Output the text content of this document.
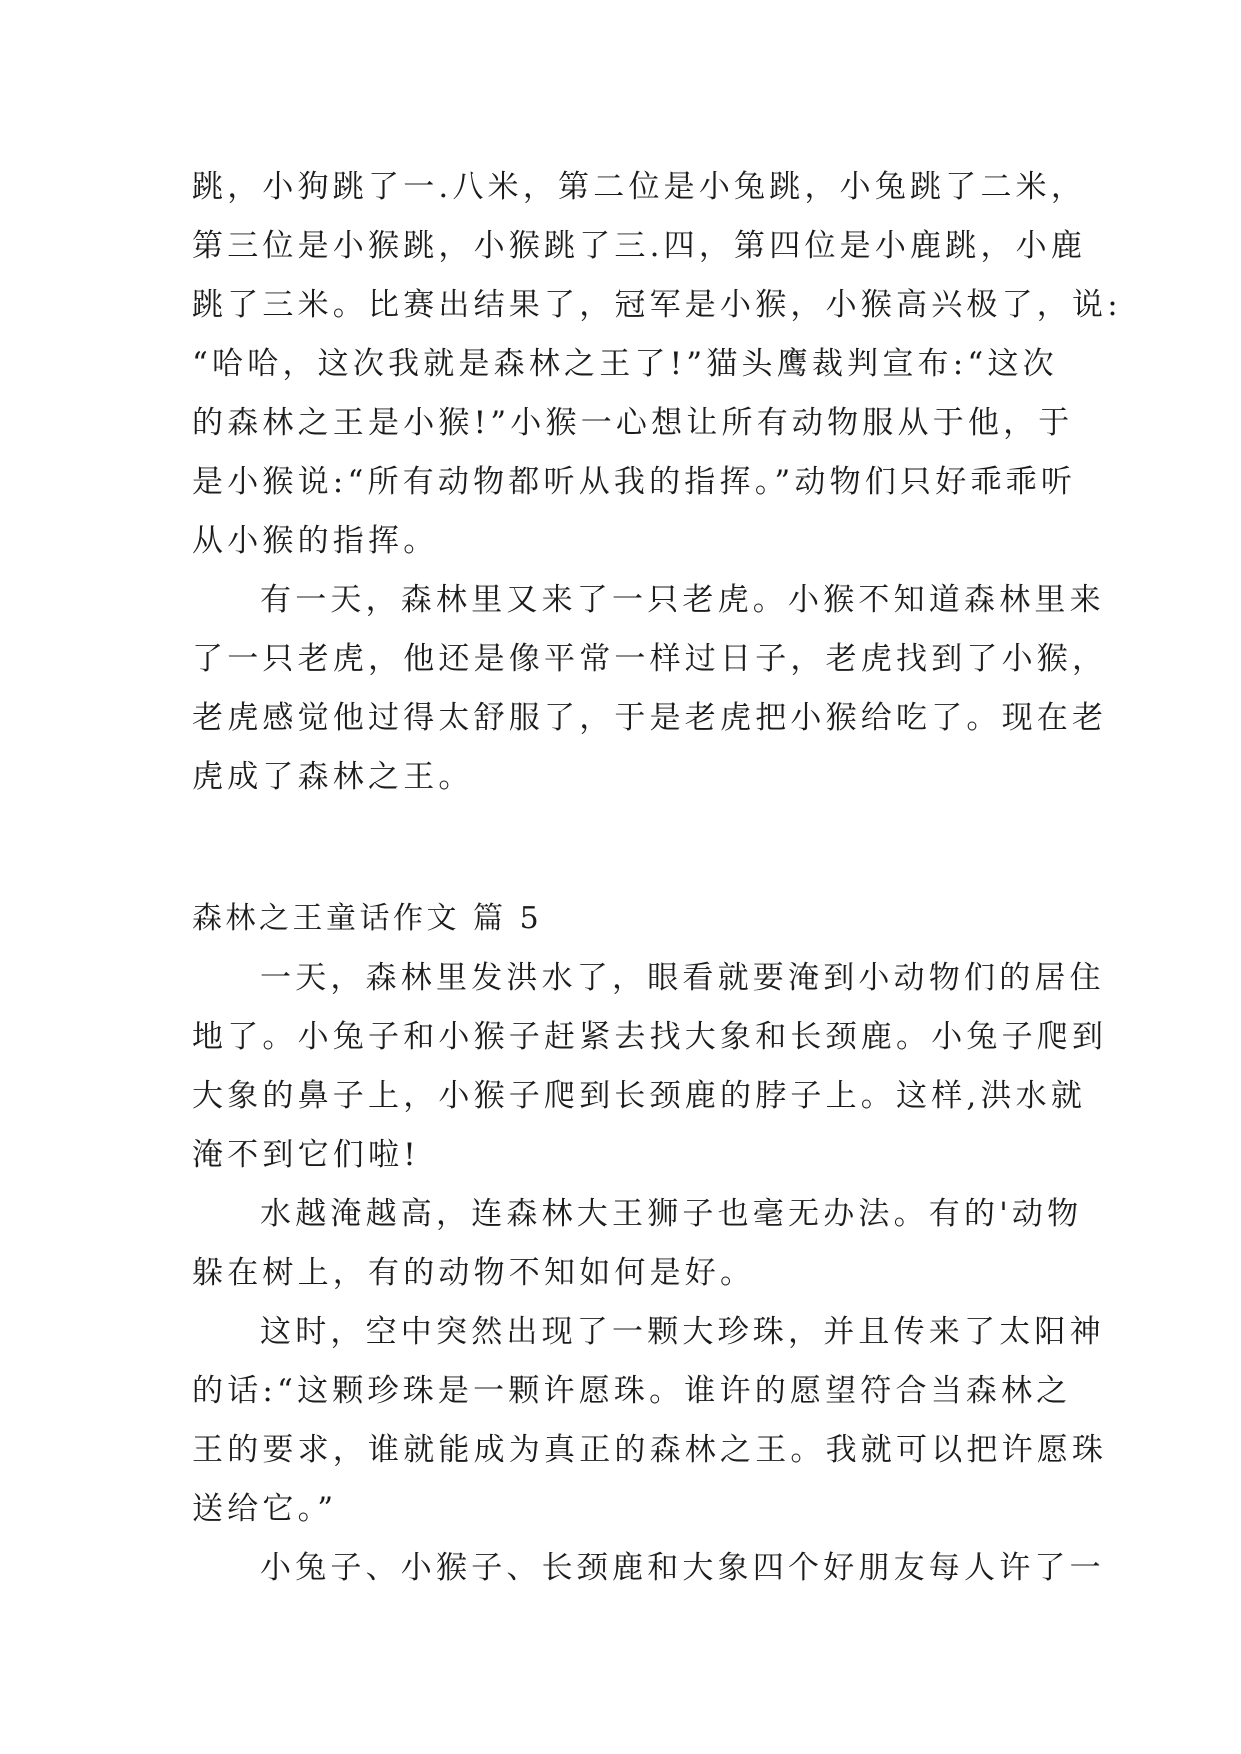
跳，小狗跳了一.八米，第二位是小兔跳，小兔跳了二米，
第三位是小猴跳，小猴跳了三.四，第四位是小鹿跳，小鹿
跳了三米。比赛出结果了，冠军是小猴，小猴高兴极了，说:
“哈哈，这次我就是森林之王了!”猫头鹰裁判宣布:“这次
的森林之王是小猴!”小猴一心想让所有动物服从于他，于
是小猴说:“所有动物都听从我的指挥。”动物们只好乖乖听
从小猴的指挥。
有一天，森林里又来了一只老虎。小猴不知道森林里来
了一只老虎，他还是像平常一样过日子，老虎找到了小猴，
老虎感觉他过得太舒服了，于是老虎把小猴给吃了。现在老
虎成了森林之王。
森林之王童话作文 篇 5
一天，森林里发洪水了，眼看就要淹到小动物们的居住
地了。小兔子和小猴子赶紧去找大象和长颈鹿。小兔子爬到
大象的鼻子上，小猴子爬到长颈鹿的脖子上。这样,洪水就
淹不到它们啦!
水越淹越高，连森林大王狮子也毫无办法。有的'动物
躲在树上，有的动物不知如何是好。
这时，空中突然出现了一颗大珍珠，并且传来了太阳神
的话:“这颗珍珠是一颗许愿珠。谁许的愿望符合当森林之
王的要求，谁就能成为真正的森林之王。我就可以把许愿珠
送给它。”
小兔子、小猴子、长颈鹿和大象四个好朋友每人许了一
